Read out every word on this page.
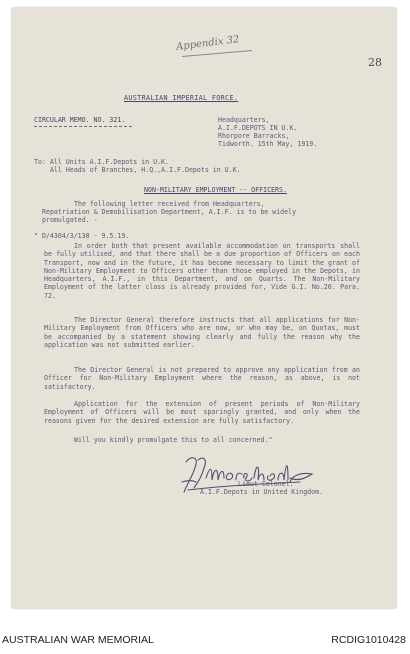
Appendix 32
28
AUSTRALIAN IMPERIAL FORCE.
CIRCULAR MEMO. NO. 321.	Headquarters,
A.I.F.DEPOTS IN U.K.
Rhorpore Barracks,
Tidworth. 15th May, 1919.
To: All Units A.I.F.Depots in U.K.
All Heads of Branches, H.Q.,A.I.F.Depots in U.K.
NON-MILITARY EMPLOYMENT -- OFFICERS.
The following letter received from Headquarters,
Repatriation & Demobilisation Department, A.I.F. is to be widely
promulgated. -
" D/4304/3/138 - 9.5.19.
In order both that present available accommodation on transports shall be fully utilised, and that there shall be a due proportion of Officers on each Transport, now and in the future, it has become necessary to limit the grant of Non-Military Employment to Officers other than those employed in the Depots, in Headquarters, A.I.F., in this Department, and on Quarts. The Non-Military Employment of the latter class is already provided for, Vide G.I. No.20. Para. 72.
The Director General therefore instructs that all applications for Non-Military Employment from Officers who are now, or who may be, on Quotas, must be accompanied by a statement showing clearly and fully the reason why the application was not submitted earlier.
The Director General is not prepared to approve any application from an Officer for Non-Military Employment where the reason, as above, is not satisfactory.
Application for the extension of present periods of Non-Military Employment of Officers will be most sparingly granted, and only when the reasons given for the desired extension are fully satisfactory.
Will you kindly promulgate this to all concerned."
Lieut-Colonel.
A.I.F.Depots in United Kingdom.
AUSTRALIAN WAR MEMORIAL	RCDIG1010428
